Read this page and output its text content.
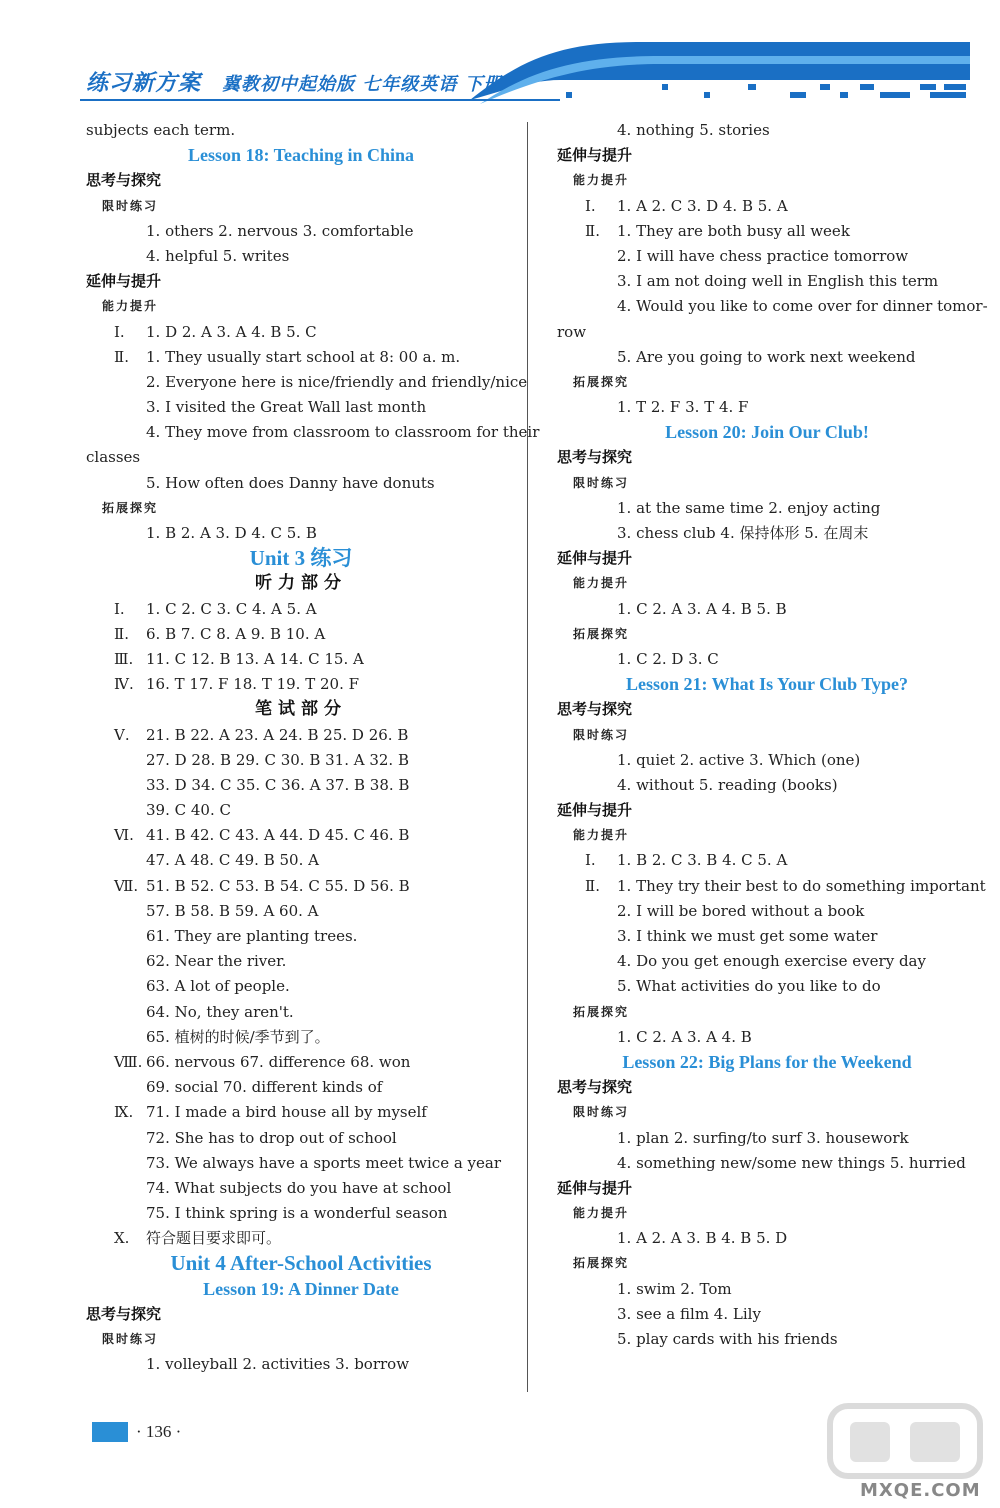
练习新方案 冀教初中起始版 七年级英语 下册
subjects each term.
Lesson 18: Teaching in China
思考与探究
限时练习
1. others 2. nervous 3. comfortable
4. helpful 5. writes
延伸与提升
能力提升
Ⅰ. 1. D 2. A 3. A 4. B 5. C
Ⅱ. 1. They usually start school at 8: 00 a. m.
2. Everyone here is nice/friendly and friendly/nice
3. I visited the Great Wall last month
4. They move from classroom to classroom for their
classes
5. How often does Danny have donuts
拓展探究
1. B 2. A 3. D 4. C 5. B
Unit 3 练习
听力部分
Ⅰ. 1. C 2. C 3. C 4. A 5. A
Ⅱ. 6. B 7. C 8. A 9. B 10. A
Ⅲ. 11. C 12. B 13. A 14. C 15. A
Ⅳ. 16. T 17. F 18. T 19. T 20. F
笔试部分
Ⅴ. 21. B 22. A 23. A 24. B 25. D 26. B
27. D 28. B 29. C 30. B 31. A 32. B
33. D 34. C 35. C 36. A 37. B 38. B
39. C 40. C
Ⅵ. 41. B 42. C 43. A 44. D 45. C 46. B
47. A 48. C 49. B 50. A
Ⅶ. 51. B 52. C 53. B 54. C 55. D 56. B
57. B 58. B 59. A 60. A
61. They are planting trees.
62. Near the river.
63. A lot of people.
64. No, they aren't.
65. 植树的时候/季节到了。
Ⅷ. 66. nervous 67. difference 68. won
69. social 70. different kinds of
Ⅸ. 71. I made a bird house all by myself
72. She has to drop out of school
73. We always have a sports meet twice a year
74. What subjects do you have at school
75. I think spring is a wonderful season
Ⅹ. 符合题目要求即可。
Unit 4 After-School Activities
Lesson 19: A Dinner Date
思考与探究
限时练习
1. volleyball 2. activities 3. borrow
4. nothing 5. stories
延伸与提升
能力提升
Ⅰ. 1. A 2. C 3. D 4. B 5. A
Ⅱ. 1. They are both busy all week
2. I will have chess practice tomorrow
3. I am not doing well in English this term
4. Would you like to come over for dinner tomor-
row
5. Are you going to work next weekend
拓展探究
1. T 2. F 3. T 4. F
Lesson 20: Join Our Club!
思考与探究
限时练习
1. at the same time 2. enjoy acting
3. chess club 4. 保持体形 5. 在周末
延伸与提升
能力提升
1. C 2. A 3. A 4. B 5. B
拓展探究
1. C 2. D 3. C
Lesson 21: What Is Your Club Type?
思考与探究
限时练习
1. quiet 2. active 3. Which (one)
4. without 5. reading (books)
延伸与提升
能力提升
Ⅰ. 1. B 2. C 3. B 4. C 5. A
Ⅱ. 1. They try their best to do something important
2. I will be bored without a book
3. I think we must get some water
4. Do you get enough exercise every day
5. What activities do you like to do
拓展探究
1. C 2. A 3. A 4. B
Lesson 22: Big Plans for the Weekend
思考与探究
限时练习
1. plan 2. surfing/to surf 3. housework
4. something new/some new things 5. hurried
延伸与提升
能力提升
1. A 2. A 3. B 4. B 5. D
拓展探究
1. swim 2. Tom
3. see a film 4. Lily
5. play cards with his friends
· 136 ·
MXQE.COM
